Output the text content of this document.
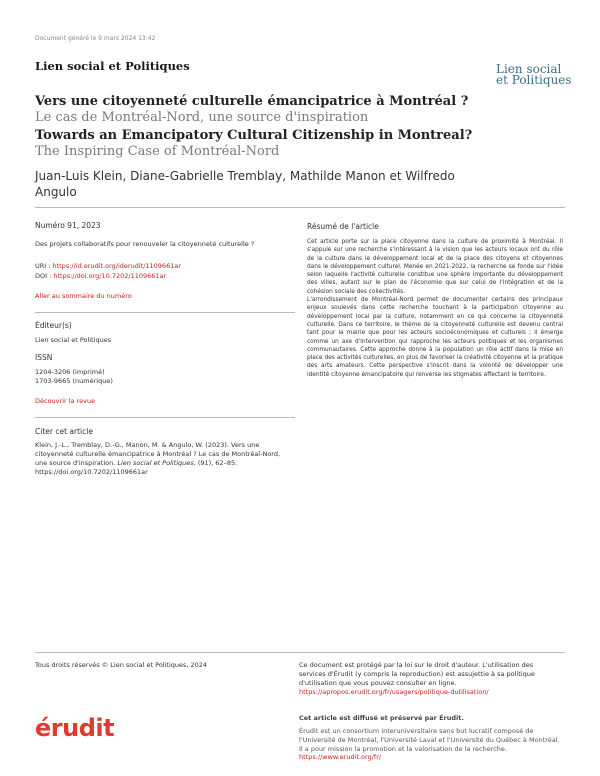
Document généré le 9 mars 2024 13:42
Lien social et Politiques	Lien social
et Politiques
Vers une citoyenneté culturelle émancipatrice à Montréal ?
Le cas de Montréal-Nord, une source d'inspiration
Towards an Emancipatory Cultural Citizenship in Montreal?
The Inspiring Case of Montréal-Nord
Juan-Luis Klein, Diane-Gabrielle Tremblay, Mathilde Manon et Wilfredo Angulo
Numéro 91, 2023
Des projets collaboratifs pour renouveler la citoyenneté culturelle ?
URI : https://id.erudit.org/iderudit/1109661ar
DOI : https://doi.org/10.7202/1109661ar
Aller au sommaire du numéro
Éditeur(s)
Lien social et Politiques
ISSN
1204-3206 (imprimé)
1703-9665 (numérique)
Découvrir la revue
Citer cet article
Klein, J.-L., Tremblay, D.-G., Manon, M. & Angulo, W. (2023). Vers une citoyenneté culturelle émancipatrice à Montréal ? Le cas de Montréal-Nord, une source d'inspiration. Lien social et Politiques, (91), 62–85. https://doi.org/10.7202/1109661ar
Résumé de l'article
Cet article porte sur la place citoyenne dans la culture de proximité à Montréal. Il s'appuie sur une recherche s'intéressant à la vision que les acteurs locaux ont du rôle de la culture dans le développement local et de la place des citoyens et citoyennes dans le développement culturel. Menée en 2021-2022, la recherche se fonde sur l'idée selon laquelle l'activité culturelle constitue une sphère importante du développement des villes, autant sur le plan de l'économie que sur celui de l'intégration et de la cohésion sociale des collectivités.
L'arrondissement de Montréal-Nord permet de documenter certains des principaux enjeux soulevés dans cette recherche touchant à la participation citoyenne au développement local par la culture, notamment en ce qui concerne la citoyenneté culturelle. Dans ce territoire, le thème de la citoyenneté culturelle est devenu central tant pour la mairie que pour les acteurs socioéconomiques et culturels ; il émerge comme un axe d'intervention qui rapproche les acteurs politiques et les organismes communautaires. Cette approche donne à la population un rôle actif dans la mise en place des activités culturelles, en plus de favoriser la créativité citoyenne et la pratique des arts amateurs. Cette perspective s'inscrit dans la volonté de développer une identité citoyenne émancipatoire qui renverse les stigmates affectant le territoire.
Tous droits réservés © Lien social et Politiques, 2024	Ce document est protégé par la loi sur le droit d'auteur. L'utilisation des services d'Érudit (y compris la reproduction) est assujettie à sa politique d'utilisation que vous pouvez consulter en ligne.
https://apropos.erudit.org/fr/usagers/politique-dutilisation/
érudit	Cet article est diffusé et préservé par Érudit.
Érudit est un consortium interuniversitaire sans but lucratif composé de l'Université de Montréal, l'Université Laval et l'Université du Québec à Montréal. Il a pour mission la promotion et la valorisation de la recherche.
https://www.erudit.org/fr/
